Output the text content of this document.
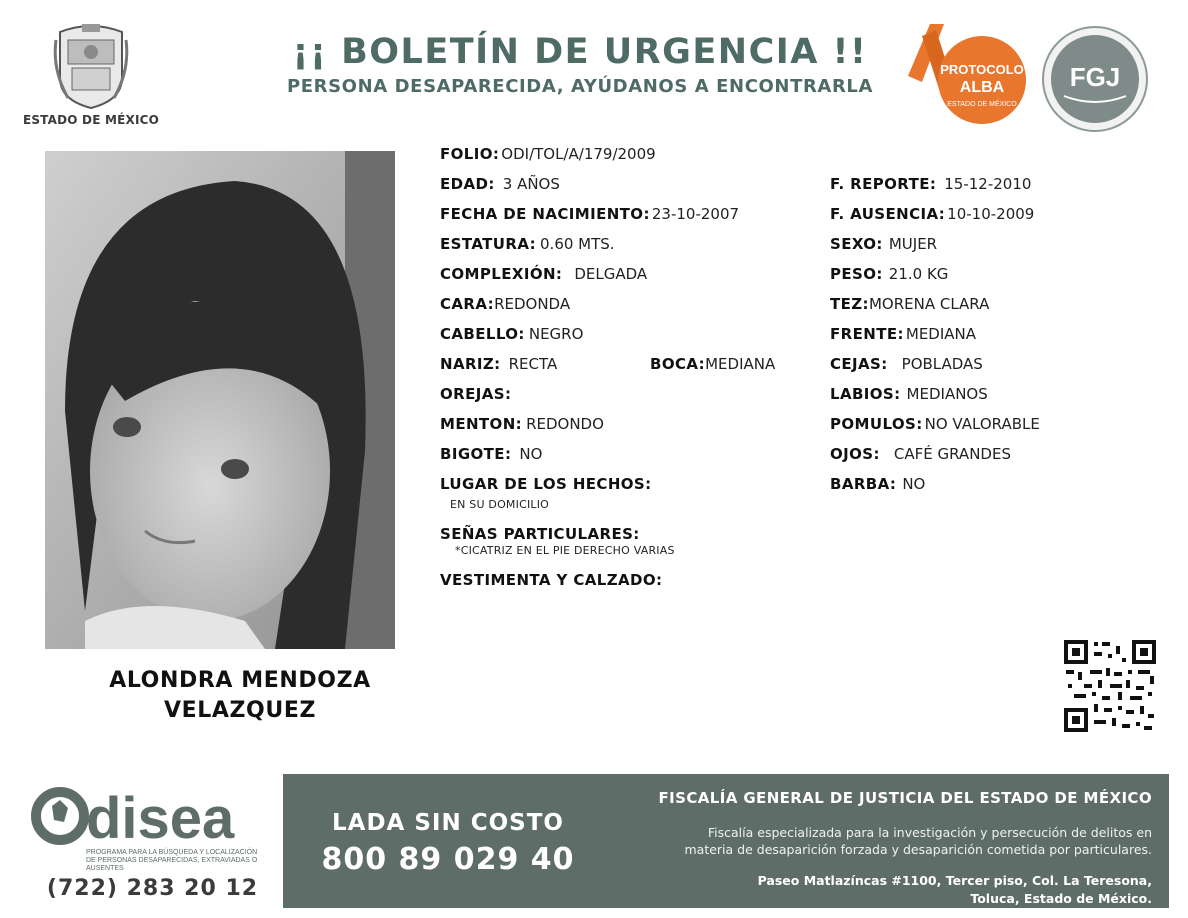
ESTADO DE MÉXICO
¡¡ BOLETÍN DE URGENCIA !!
PERSONA DESAPARECIDA, AYÚDANOS A ENCONTRARLA
PROTOCOLO
ALBA
ESTADO DE MÉXICO
FGJ
ALONDRA MENDOZA
VELAZQUEZ
FOLIO: ODI/TOL/A/179/2009
EDAD: 3 AÑOS
FECHA DE NACIMIENTO: 23-10-2007
ESTATURA: 0.60 MTS.
COMPLEXIÓN: DELGADA
CARA:REDONDA
CABELLO: NEGRO
NARIZ: RECTA	BOCA:MEDIANA
OREJAS:
MENTON: REDONDO
BIGOTE: NO
LUGAR DE LOS HECHOS:
EN SU DOMICILIO
SEÑAS PARTICULARES:
*CICATRIZ EN EL PIE DERECHO VARIAS
VESTIMENTA Y CALZADO:
F. REPORTE: 15-12-2010
F. AUSENCIA: 10-10-2009
SEXO: MUJER
PESO: 21.0 KG
TEZ:MORENA CLARA
FRENTE: MEDIANA
CEJAS: POBLADAS
LABIOS: MEDIANOS
POMULOS: NO VALORABLE
OJOS: CAFÉ GRANDES
BARBA: NO
disea
PROGRAMA PARA LA BÚSQUEDA Y LOCALIZACIÓN
DE PERSONAS DESAPARECIDAS, EXTRAVIADAS O
AUSENTES
(722) 283 20 12
LADA SIN COSTO
800 89 029 40
FISCALÍA GENERAL DE JUSTICIA DEL ESTADO DE MÉXICO
Fiscalía especializada para la investigación y persecución de delitos en
materia de desaparición forzada y desaparición cometida por particulares.
Paseo Matlazíncas #1100, Tercer piso, Col. La Teresona,
Toluca, Estado de México.
